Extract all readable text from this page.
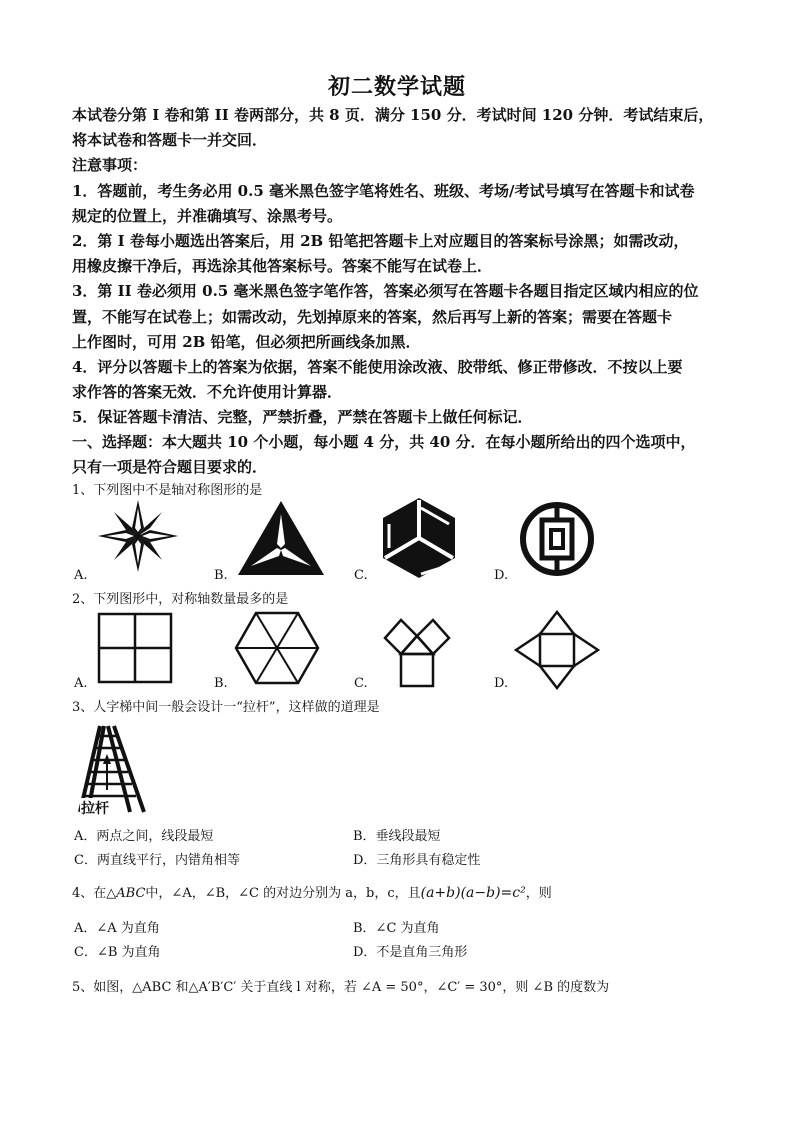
初二数学试题
本试卷分第 I 卷和第 II 卷两部分，共 8 页．满分 150 分．考试时间 120 分钟．考试结束后，
将本试卷和答题卡一并交回．
注意事项：
1．答题前，考生务必用 0.5 毫米黑色签字笔将姓名、班级、考场/考试号填写在答题卡和试卷
规定的位置上，并准确填写、涂黑考号。
2．第 I 卷每小题选出答案后，用 2B 铅笔把答题卡上对应题目的答案标号涂黑；如需改动，
用橡皮擦干净后，再选涂其他答案标号。答案不能写在试卷上．
3．第 II 卷必须用 0.5 毫米黑色签字笔作答，答案必须写在答题卡各题目指定区域内相应的位
置，不能写在试卷上；如需改动，先划掉原来的答案，然后再写上新的答案；需要在答题卡
上作图时，可用 2B 铅笔，但必须把所画线条加黑．
4．评分以答题卡上的答案为依据，答案不能使用涂改液、胶带纸、修正带修改．不按以上要
求作答的答案无效．不允许使用计算器．
5．保证答题卡清洁、完整，严禁折叠，严禁在答题卡上做任何标记．
一、选择题：本大题共 10 个小题，每小题 4 分，共 40 分．在每小题所给出的四个选项中，
只有一项是符合题目要求的．
1、下列图中不是轴对称图形的是
A.	B.	C.	D.
2、下列图形中，对称轴数量最多的是
A.	B.	C.	D.
3、人字梯中间一般会设计一“拉杆”，这样做的道理是
拉杆
A．两点之间，线段最短	B．垂线段最短
C．两直线平行，内错角相等	D．三角形具有稳定性
4、在△ABC中，∠A，∠B，∠C 的对边分别为 a，b，c，且(a+b)(a−b)=c²，则
A．∠A 为直角	B．∠C 为直角
C．∠B 为直角	D．不是直角三角形
5、如图，△ABC 和△A′B′C′ 关于直线 l 对称，若 ∠A = 50°，∠C′ = 30°，则 ∠B 的度数为
